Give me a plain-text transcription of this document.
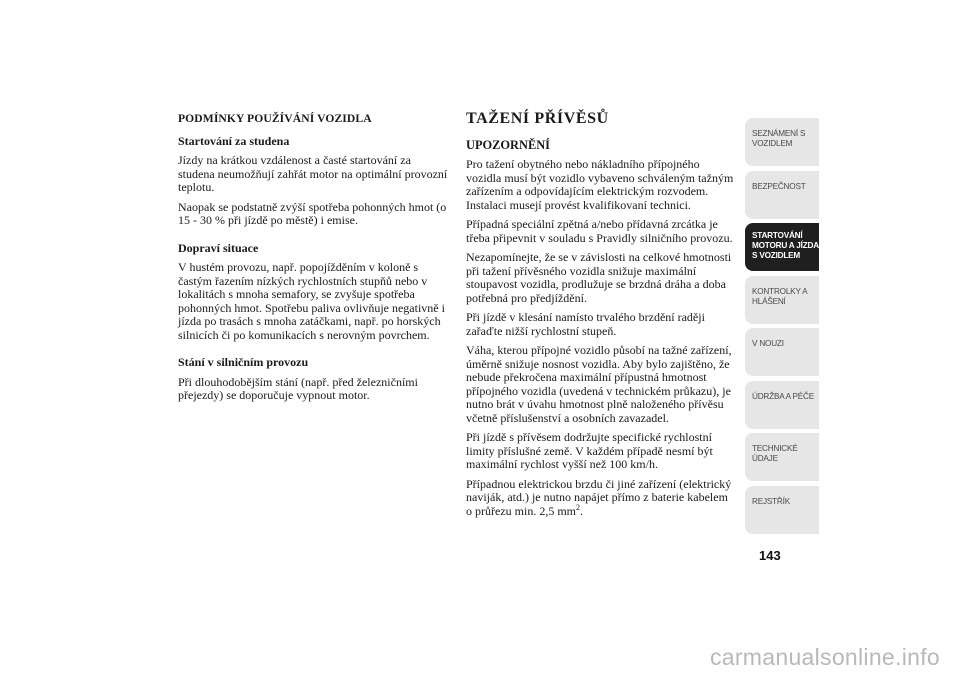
PODMÍNKY POUŽÍVÁNÍ VOZIDLA
Startování za studena
Jízdy na krátkou vzdálenost a časté startování za studena neumožňují zahřát motor na optimální provozní teplotu.
Naopak se podstatně zvýší spotřeba pohonných hmot (o 15 - 30 % při jízdě po městě) i emise.
Dopraví situace
V hustém provozu, např. popojížděním v koloně s častým řazením nízkých rychlostních stupňů nebo v lokalitách s mnoha semafory, se zvyšuje spotřeba pohonných hmot. Spotřebu paliva ovlivňuje negativně i jízda po trasách s mnoha zatáčkami, např. po horských silnicích či po komunikacích s nerovným povrchem.
Stání v silničním provozu
Při dlouhodobějším stání (např. před železničními přejezdy) se doporučuje vypnout motor.
TAŽENÍ PŘÍVĚSŮ
UPOZORNĚNÍ
Pro tažení obytného nebo nákladního přípojného vozidla musí být vozidlo vybaveno schváleným tažným zařízením a odpovídajícím elektrickým rozvodem. Instalaci musejí provést kvalifikovaní technici.
Případná speciální zpětná a/nebo přídavná zrcátka je třeba připevnit v souladu s Pravidly silničního provozu.
Nezapomínejte, že se v závislosti na celkové hmotnosti při tažení přívěsného vozidla snižuje maximální stoupavost vozidla, prodlužuje se brzdná dráha a doba potřebná pro předjíždění.
Při jízdě v klesání namísto trvalého brzdění raději zařaďte nižší rychlostní stupeň.
Váha, kterou přípojné vozidlo působí na tažné zařízení, úměrně snižuje nosnost vozidla. Aby bylo zajištěno, že nebude překročena maximální přípustná hmotnost přípojného vozidla (uvedená v technickém průkazu), je nutno brát v úvahu hmotnost plně naloženého přívěsu včetně příslušenství a osobních zavazadel.
Při jízdě s přívěsem dodržujte specifické rychlostní limity příslušné země. V každém případě nesmí být maximální rychlost vyšší než 100 km/h.
Případnou elektrickou brzdu či jiné zařízení (elektrický naviják, atd.) je nutno napájet přímo z baterie kabelem o průřezu min. 2,5 $mm^2$.
SEZNÁMENÍ S
VOZIDLEM
BEZPEČNOST
STARTOVÁNÍ
MOTORU A JÍZDA
S VOZIDLEM
KONTROLKY A
HLÁŠENÍ
V NOUZI
ÚDRŽBA A PÉČE
TECHNICKÉ
ÚDAJE
REJSTŘÍK
143
carmanualsonline.info
